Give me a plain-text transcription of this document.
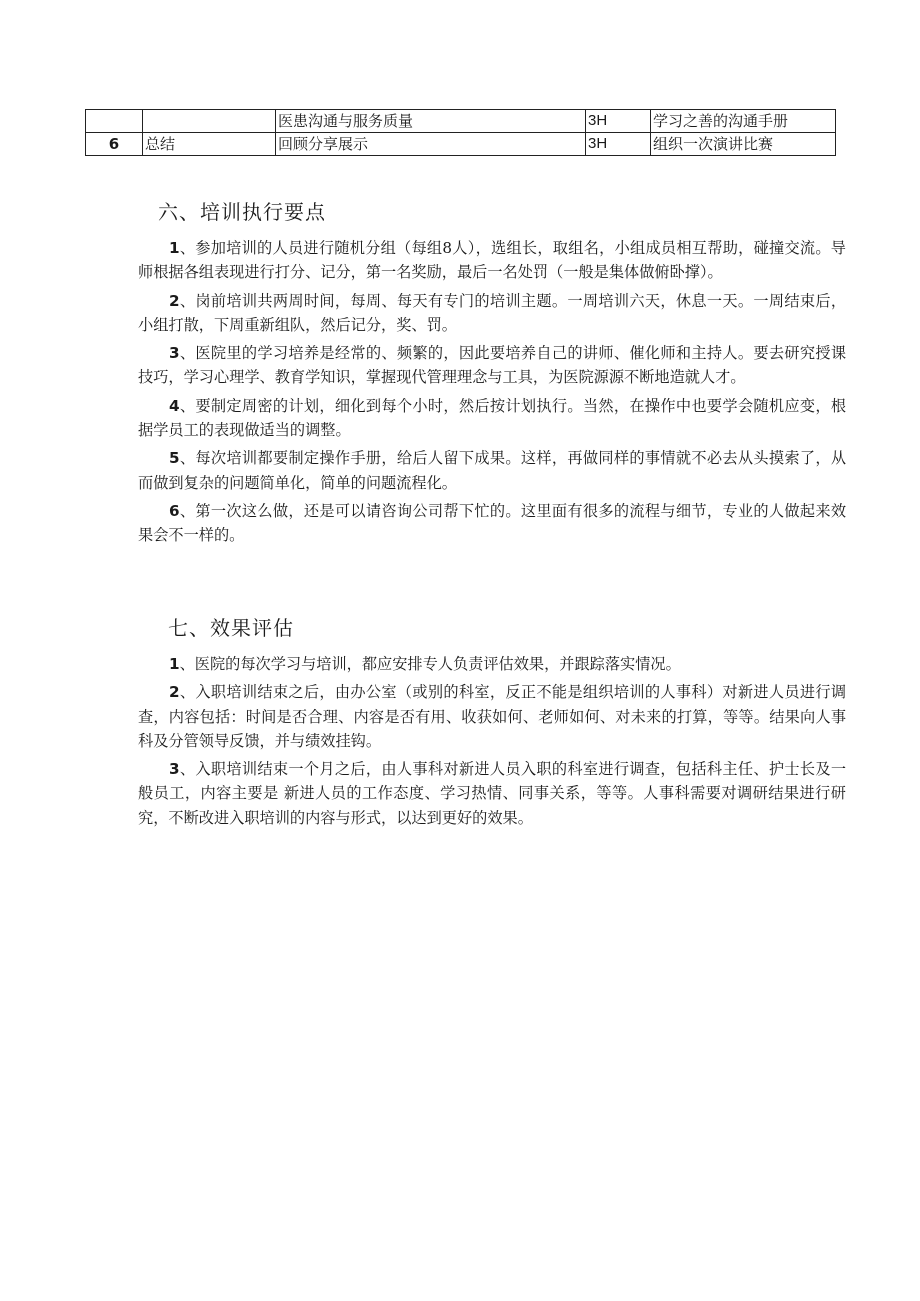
		医患沟通与服务质量	3H	学习之善的沟通手册
6	总结	回顾分享展示	3H	组织一次演讲比赛
六、培训执行要点

1、参加培训的人员进行随机分组（每组8人），选组长，取组名，小组成员相互帮助，碰撞交流。导师根据各组表现进行打分、记分，第一名奖励，最后一名处罚（一般是集体做俯卧撑）。

2、岗前培训共两周时间，每周、每天有专门的培训主题。一周培训六天，休息一天。一周结束后，小组打散，下周重新组队，然后记分，奖、罚。

3、医院里的学习培养是经常的、频繁的，因此要培养自己的讲师、催化师和主持人。要去研究授课技巧，学习心理学、教育学知识，掌握现代管理理念与工具，为医院源源不断地造就人才。

4、要制定周密的计划，细化到每个小时，然后按计划执行。当然，在操作中也要学会随机应变，根据学员工的表现做适当的调整。

5、每次培训都要制定操作手册，给后人留下成果。这样，再做同样的事情就不必去从头摸索了，从而做到复杂的问题简单化，简单的问题流程化。

6、第一次这么做，还是可以请咨询公司帮下忙的。这里面有很多的流程与细节，专业的人做起来效果会不一样的。

七、效果评估

1、医院的每次学习与培训，都应安排专人负责评估效果，并跟踪落实情况。

2、入职培训结束之后，由办公室（或别的科室，反正不能是组织培训的人事科）对新进人员进行调查，内容包括：时间是否合理、内容是否有用、收获如何、老师如何、对未来的打算，等等。结果向人事科及分管领导反馈，并与绩效挂钩。

3、入职培训结束一个月之后，由人事科对新进人员入职的科室进行调查，包括科主任、护士长及一般员工，内容主要是 新进人员的工作态度、学习热情、同事关系，等等。人事科需要对调研结果进行研究，不断改进入职培训的内容与形式，以达到更好的效果。
